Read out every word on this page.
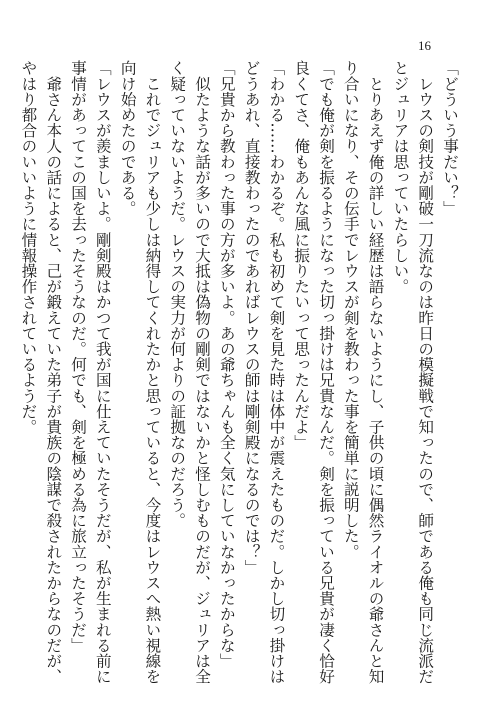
16
「どういう事だい？」
　レウスの剣技が剛破一刀流なのは昨日の模擬戦で知ったので、師である俺も同じ流派だ
とジュリアは思っていたらしい。
　とりあえず俺の詳しい経歴は語らないようにし、子供の頃に偶然ライオルの爺さんと知
り合いになり、その伝手でレウスが剣を教わった事を簡単に説明した。
「でも俺が剣を振るようになった切っ掛けは兄貴なんだ。剣を振っている兄貴が凄く恰好
良くてさ、俺もあんな風に振りたいって思ったんだよ」
「わかる……わかるぞ。私も初めて剣を見た時は体中が震えたものだ。しかし切っ掛けは
どうあれ、直接教わったのであればレウスの師は剛剣殿になるのでは？」
「兄貴から教わった事の方が多いよ。あの爺ちゃんも全く気にしていなかったからな」
　似たような話が多いので大抵は偽物の剛剣ではないかと怪しむものだが、ジュリアは全
く疑っていないようだ。レウスの実力が何よりの証拠なのだろう。
　これでジュリアも少しは納得してくれたかと思っていると、今度はレウスへ熱い視線を
向け始めたのである。
「レウスが羨ましいよ。剛剣殿はかつて我が国に仕えていたそうだが、私が生まれる前に
事情があってこの国を去ったそうなのだ。何でも、剣を極める為に旅立ったそうだ」
　爺さん本人の話によると、己が鍛えていた弟子が貴族の陰謀で殺されたからなのだが、
やはり都合のいいように情報操作されているようだ。
